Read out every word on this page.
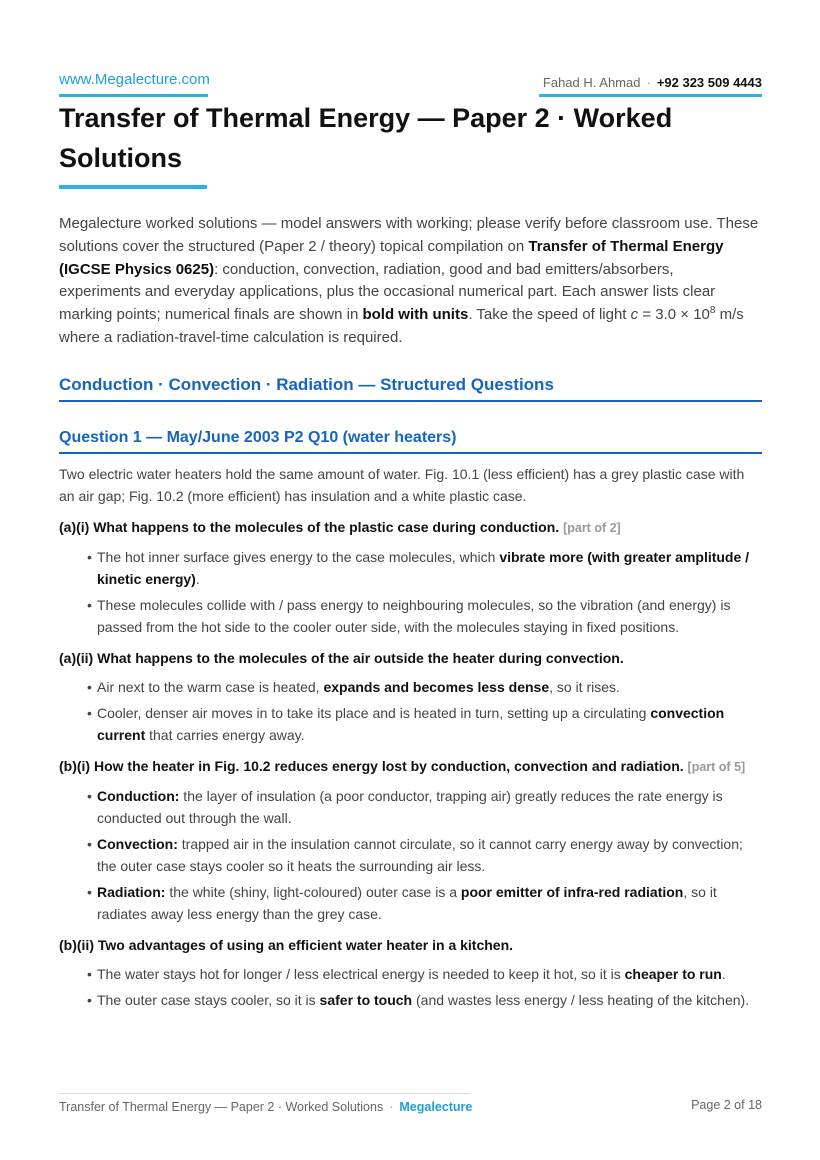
www.Megalecture.com	Fahad H. Ahmad · +92 323 509 4443
Transfer of Thermal Energy — Paper 2 · Worked Solutions

Megalecture worked solutions — model answers with working; please verify before classroom use. These solutions cover the structured (Paper 2 / theory) topical compilation on Transfer of Thermal Energy (IGCSE Physics 0625): conduction, convection, radiation, good and bad emitters/absorbers, experiments and everyday applications, plus the occasional numerical part. Each answer lists clear marking points; numerical finals are shown in bold with units. Take the speed of light $c = 3.0 \times 10^8$ m/s where a radiation-travel-time calculation is required.

Conduction · Convection · Radiation — Structured Questions
Question 1 — May/June 2003 P2 Q10 (water heaters)

Two electric water heaters hold the same amount of water. Fig. 10.1 (less efficient) has a grey plastic case with an air gap; Fig. 10.2 (more efficient) has insulation and a white plastic case.

(a)(i) What happens to the molecules of the plastic case during conduction. [part of 2]

• The hot inner surface gives energy to the case molecules, which vibrate more (with greater amplitude / kinetic energy).
• These molecules collide with / pass energy to neighbouring molecules, so the vibration (and energy) is passed from the hot side to the cooler outer side, with the molecules staying in fixed positions.

(a)(ii) What happens to the molecules of the air outside the heater during convection.

• Air next to the warm case is heated, expands and becomes less dense, so it rises.
• Cooler, denser air moves in to take its place and is heated in turn, setting up a circulating convection current that carries energy away.

(b)(i) How the heater in Fig. 10.2 reduces energy lost by conduction, convection and radiation. [part of 5]

• Conduction: the layer of insulation (a poor conductor, trapping air) greatly reduces the rate energy is conducted out through the wall.
• Convection: trapped air in the insulation cannot circulate, so it cannot carry energy away by convection; the outer case stays cooler so it heats the surrounding air less.
• Radiation: the white (shiny, light-coloured) outer case is a poor emitter of infra-red radiation, so it radiates away less energy than the grey case.

(b)(ii) Two advantages of using an efficient water heater in a kitchen.

• The water stays hot for longer / less electrical energy is needed to keep it hot, so it is cheaper to run.
• The outer case stays cooler, so it is safer to touch (and wastes less energy / less heating of the kitchen).
Transfer of Thermal Energy — Paper 2 · Worked Solutions · Megalecture	Page 2 of 18
